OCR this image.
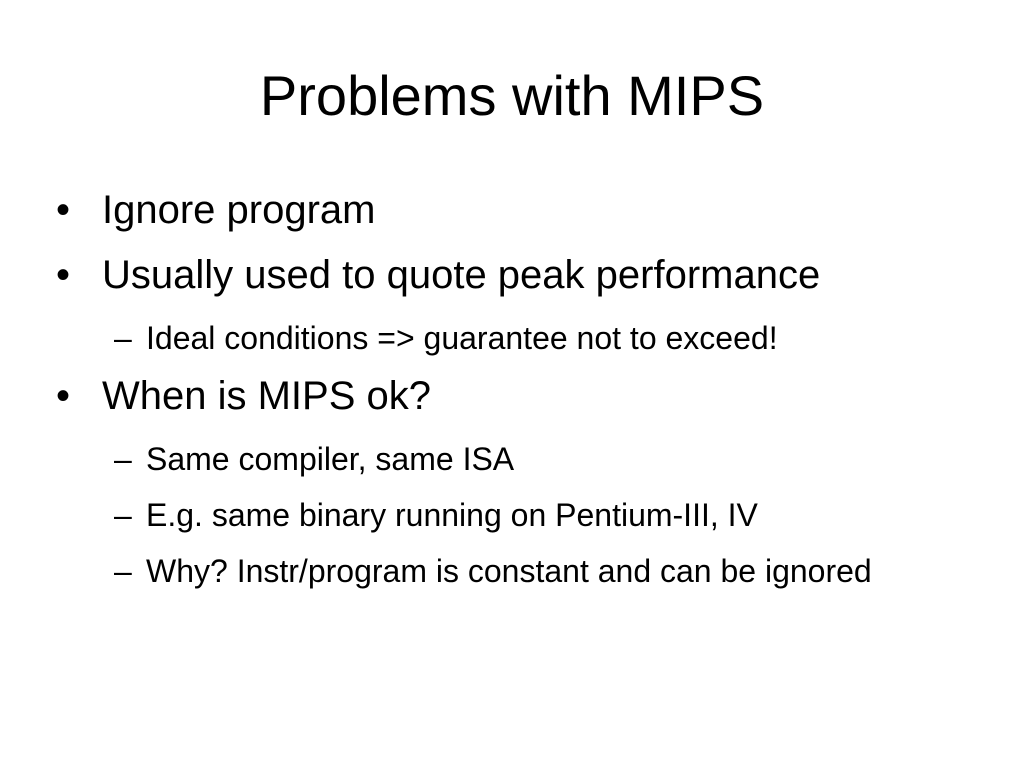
Problems with MIPS
• Ignore program
• Usually used to quote peak performance
– Ideal conditions => guarantee not to exceed!
• When is MIPS ok?
– Same compiler, same ISA
– E.g. same binary running on Pentium-III, IV
– Why? Instr/program is constant and can be ignored
